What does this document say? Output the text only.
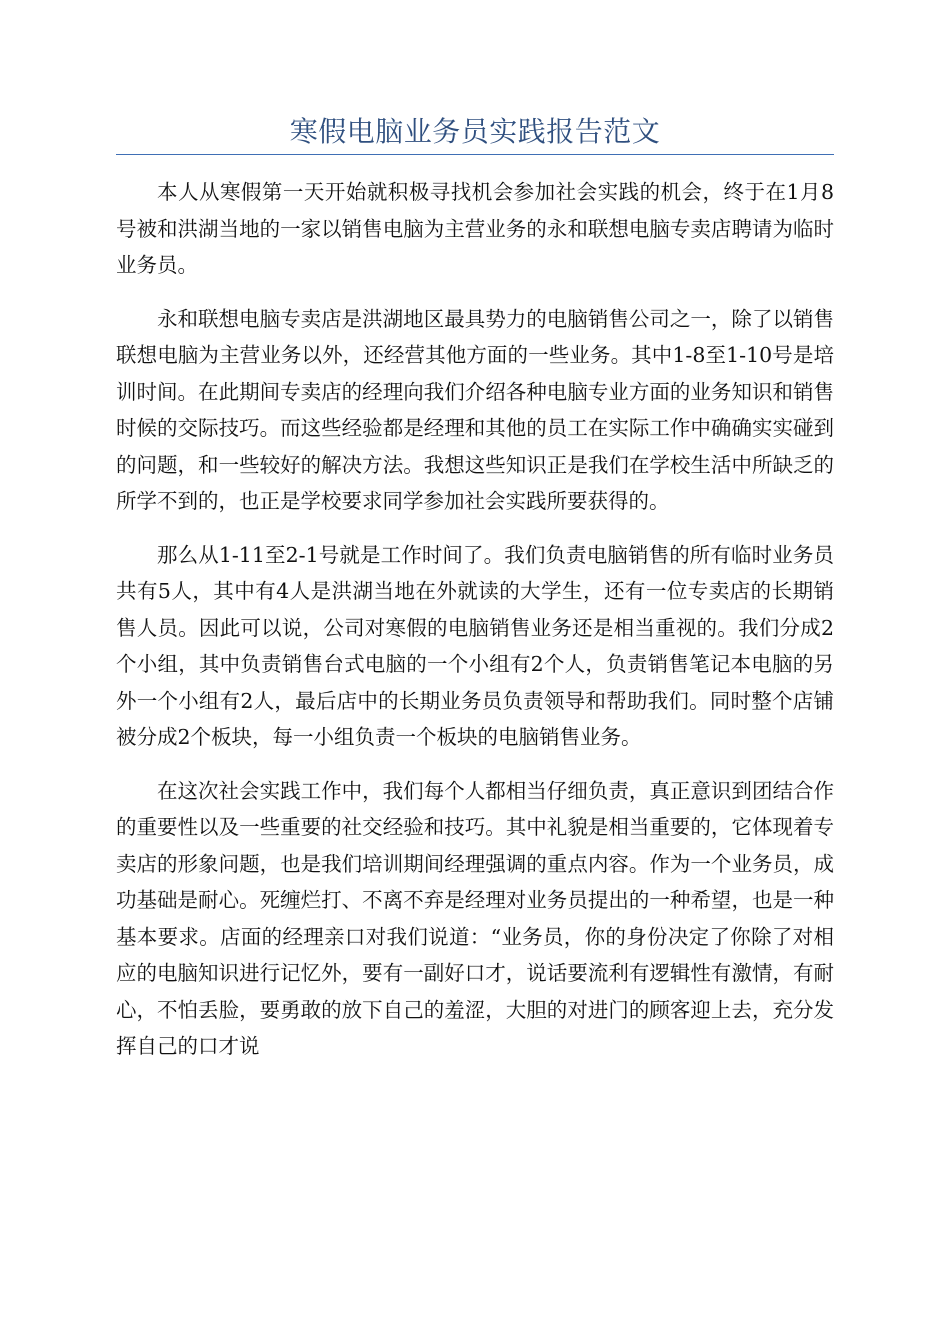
寒假电脑业务员实践报告范文

本人从寒假第一天开始就积极寻找机会参加社会实践的机会，终于在1月8号被和洪湖当地的一家以销售电脑为主营业务的永和联想电脑专卖店聘请为临时业务员。

永和联想电脑专卖店是洪湖地区最具势力的电脑销售公司之一，除了以销售联想电脑为主营业务以外，还经营其他方面的一些业务。其中1-8至1-10号是培训时间。在此期间专卖店的经理向我们介绍各种电脑专业方面的业务知识和销售时候的交际技巧。而这些经验都是经理和其他的员工在实际工作中确确实实碰到的问题，和一些较好的解决方法。我想这些知识正是我们在学校生活中所缺乏的所学不到的，也正是学校要求同学参加社会实践所要获得的。

那么从1-11至2-1号就是工作时间了。我们负责电脑销售的所有临时业务员共有5人，其中有4人是洪湖当地在外就读的大学生，还有一位专卖店的长期销售人员。因此可以说，公司对寒假的电脑销售业务还是相当重视的。我们分成2个小组，其中负责销售台式电脑的一个小组有2个人，负责销售笔记本电脑的另外一个小组有2人，最后店中的长期业务员负责领导和帮助我们。同时整个店铺被分成2个板块，每一小组负责一个板块的电脑销售业务。

在这次社会实践工作中，我们每个人都相当仔细负责，真正意识到团结合作的重要性以及一些重要的社交经验和技巧。其中礼貌是相当重要的，它体现着专卖店的形象问题，也是我们培训期间经理强调的重点内容。作为一个业务员，成功基础是耐心。死缠烂打、不离不弃是经理对业务员提出的一种希望，也是一种基本要求。店面的经理亲口对我们说道：“业务员，你的身份决定了你除了对相应的电脑知识进行记忆外，要有一副好口才，说话要流利有逻辑性有激情，有耐心，不怕丢脸，要勇敢的放下自己的羞涩，大胆的对进门的顾客迎上去，充分发挥自己的口才说
